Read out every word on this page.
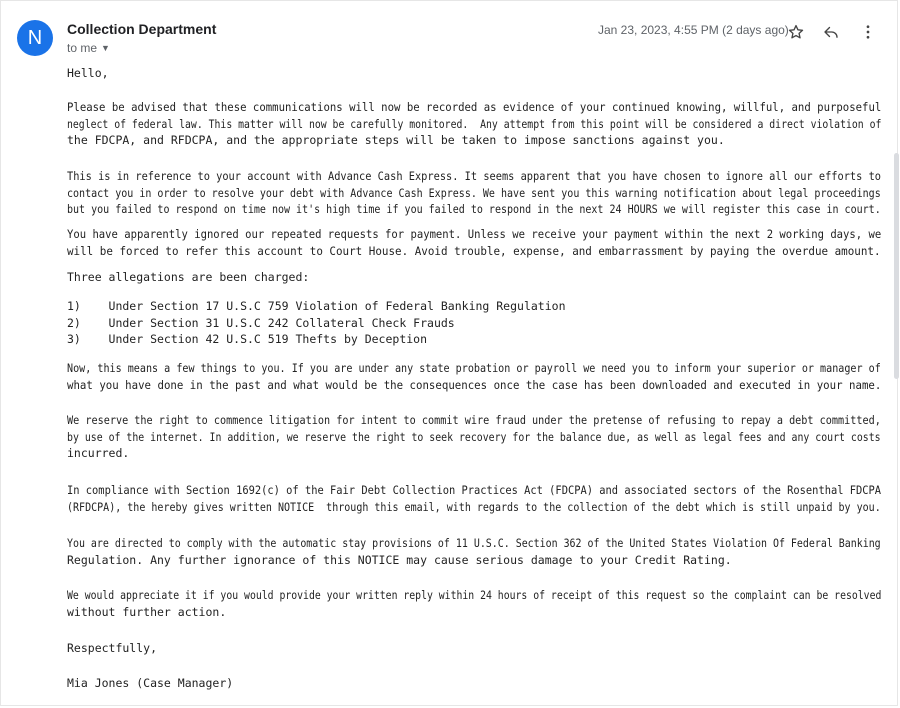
N	Collection Department
to me ▼
Jan 23, 2023, 4:55 PM (2 days ago)

Hello,

Please be advised that these communications will now be recorded as evidence of your continued knowing, willful, and purposeful
neglect of federal law. This matter will now be carefully monitored.  Any attempt from this point will be considered a direct violation of
the FDCPA, and RFDCPA, and the appropriate steps will be taken to impose sanctions against you.

This is in reference to your account with Advance Cash Express. It seems apparent that you have chosen to ignore all our efforts to
contact you in order to resolve your debt with Advance Cash Express. We have sent you this warning notification about legal proceedings
but you failed to respond on time now it's high time if you failed to respond in the next 24 HOURS we will register this case in court.

You have apparently ignored our repeated requests for payment. Unless we receive your payment within the next 2 working days, we
will be forced to refer this account to Court House. Avoid trouble, expense, and embarrassment by paying the overdue amount.

Three allegations are been charged:

1)    Under Section 17 U.S.C 759 Violation of Federal Banking Regulation
2)    Under Section 31 U.S.C 242 Collateral Check Frauds
3)    Under Section 42 U.S.C 519 Thefts by Deception

Now, this means a few things to you. If you are under any state probation or payroll we need you to inform your superior or manager of
what you have done in the past and what would be the consequences once the case has been downloaded and executed in your name.

We reserve the right to commence litigation for intent to commit wire fraud under the pretense of refusing to repay a debt committed,
by use of the internet. In addition, we reserve the right to seek recovery for the balance due, as well as legal fees and any court costs
incurred.

In compliance with Section 1692(c) of the Fair Debt Collection Practices Act (FDCPA) and associated sectors of the Rosenthal FDCPA
(RFDCPA), the hereby gives written NOTICE  through this email, with regards to the collection of the debt which is still unpaid by you.

You are directed to comply with the automatic stay provisions of 11 U.S.C. Section 362 of the United States Violation Of Federal Banking
Regulation. Any further ignorance of this NOTICE may cause serious damage to your Credit Rating.

We would appreciate it if you would provide your written reply within 24 hours of receipt of this request so the complaint can be resolved
without further action.

Respectfully,

Mia Jones (Case Manager)
